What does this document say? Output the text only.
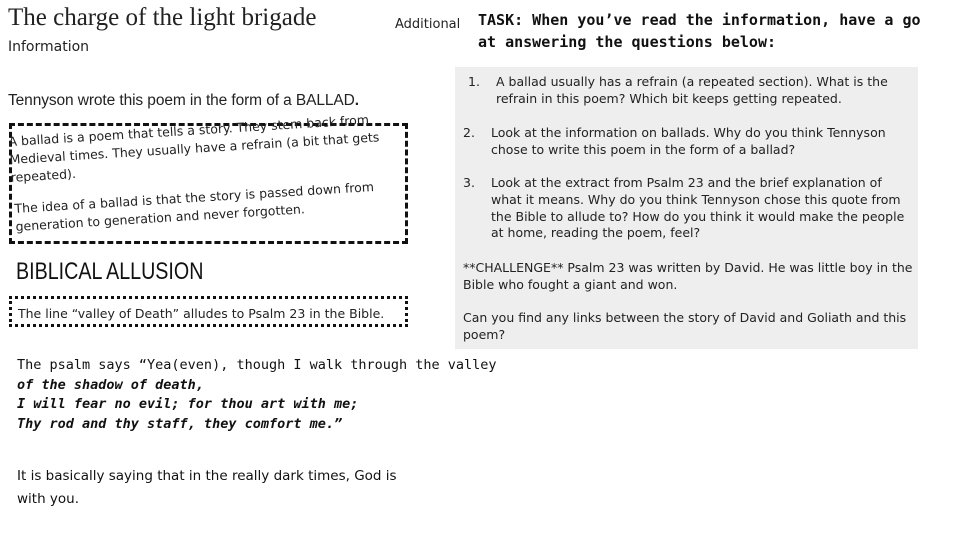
The charge of the light brigade
Information
Additional TASK: When you’ve read the information, have a go at answering the questions below:
Tennyson wrote this poem in the form of a BALLAD.
A ballad is a poem that tells a story. They stem back from Medieval times. They usually have a refrain (a bit that gets repeated).
The idea of a ballad is that the story is passed down from generation to generation and never forgotten.
BIBLICAL ALLUSION
The line “valley of Death” alludes to Psalm 23 in the Bible.
The psalm says “Yea(even), though I walk through the valley
of the shadow of death,
I will fear no evil; for thou art with me;
Thy rod and thy staff, they comfort me.”
It is basically saying that in the really dark times, God is with you.
1. A ballad usually has a refrain (a repeated section). What is the refrain in this poem? Which bit keeps getting repeated.
2. Look at the information on ballads. Why do you think Tennyson chose to write this poem in the form of a ballad?
3. Look at the extract from Psalm 23 and the brief explanation of what it means. Why do you think Tennyson chose this quote from the Bible to allude to? How do you think it would make the people at home, reading the poem, feel?
**CHALLENGE** Psalm 23 was written by David. He was little boy in the Bible who fought a giant and won.
Can you find any links between the story of David and Goliath and this poem?
